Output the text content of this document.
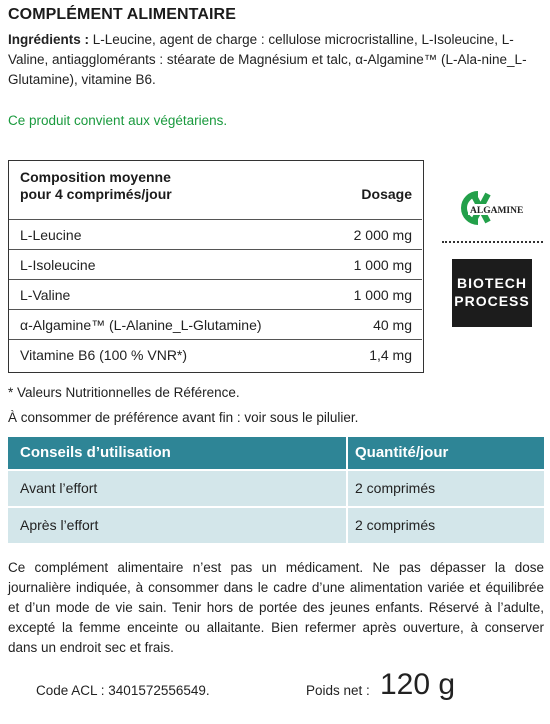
COMPLÉMENT ALIMENTAIRE
Ingrédients : L-Leucine, agent de charge : cellulose microcristalline, L-Isoleucine, L-Valine, antiagglomérants : stéarate de Magnésium et talc, α-Algamine™ (L-Ala-nine_L-Glutamine), vitamine B6.
Ce produit convient aux végétariens.
Composition moyenne
pour 4 comprimés/jour	Dosage
L-Leucine	2 000 mg
L-Isoleucine	1 000 mg
L-Valine	1 000 mg
α-Algamine™ (L-Alanine_L-Glutamine)	40 mg
Vitamine B6 (100 % VNR*)	1,4 mg
ALGAMINE
BIOTECH
PROCESS
* Valeurs Nutritionnelles de Référence.
À consommer de préférence avant fin : voir sous le pilulier.
Conseils d’utilisation	Quantité/jour
Avant l’effort	2 comprimés
Après l’effort	2 comprimés
Ce complément alimentaire n’est pas un médicament. Ne pas dépasser la dose journalière indiquée, à consommer dans le cadre d’une alimentation variée et équilibrée et d’un mode de vie sain. Tenir hors de portée des jeunes enfants. Réservé à l’adulte, excepté la femme enceinte ou allaitante. Bien refermer après ouverture, à conserver dans un endroit sec et frais.
Code ACL : 3401572556549.	Poids net : 120 g
